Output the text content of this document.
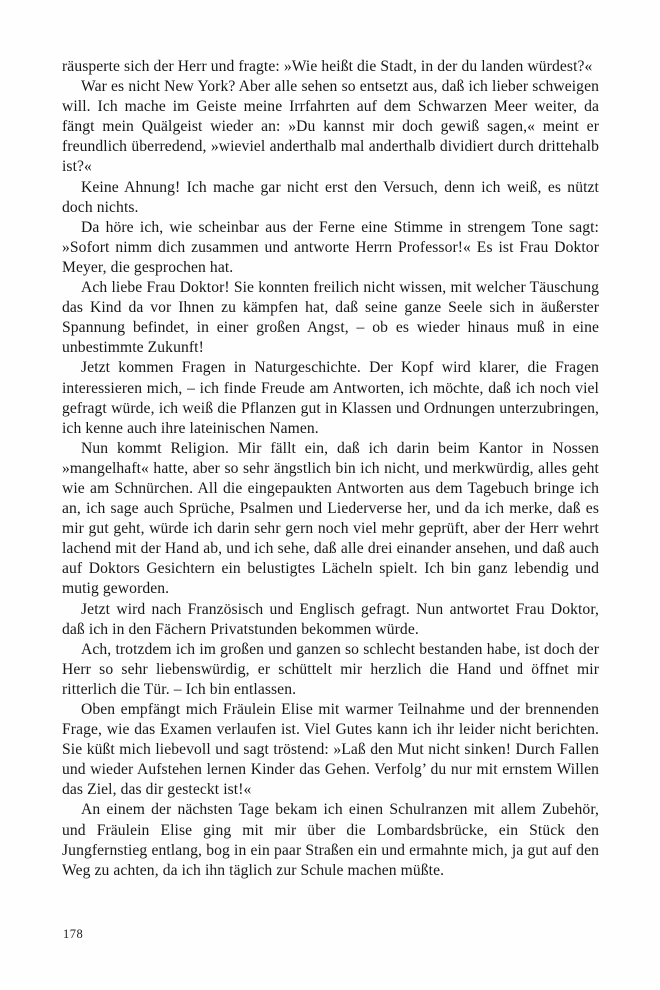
räusperte sich der Herr und fragte: »Wie heißt die Stadt, in der du landen würdest?«

War es nicht New York? Aber alle sehen so entsetzt aus, daß ich lieber schweigen will. Ich mache im Geiste meine Irrfahrten auf dem Schwarzen Meer weiter, da fängt mein Quälgeist wieder an: »Du kannst mir doch gewiß sagen,« meint er freundlich überredend, »wieviel anderthalb mal anderthalb dividiert durch drittehalb ist?«

Keine Ahnung! Ich mache gar nicht erst den Versuch, denn ich weiß, es nützt doch nichts.

Da höre ich, wie scheinbar aus der Ferne eine Stimme in strengem Tone sagt: »Sofort nimm dich zusammen und antworte Herrn Professor!« Es ist Frau Doktor Meyer, die gesprochen hat.

Ach liebe Frau Doktor! Sie konnten freilich nicht wissen, mit welcher Täuschung das Kind da vor Ihnen zu kämpfen hat, daß seine ganze Seele sich in äußerster Spannung befindet, in einer großen Angst, – ob es wieder hinaus muß in eine unbestimmte Zukunft!

Jetzt kommen Fragen in Naturgeschichte. Der Kopf wird klarer, die Fragen interessieren mich, – ich finde Freude am Antworten, ich möchte, daß ich noch viel gefragt würde, ich weiß die Pflanzen gut in Klassen und Ordnungen unterzubringen, ich kenne auch ihre lateinischen Namen.

Nun kommt Religion. Mir fällt ein, daß ich darin beim Kantor in Nossen »mangelhaft« hatte, aber so sehr ängstlich bin ich nicht, und merkwürdig, alles geht wie am Schnürchen. All die eingepaukten Antworten aus dem Tagebuch bringe ich an, ich sage auch Sprüche, Psalmen und Liederverse her, und da ich merke, daß es mir gut geht, würde ich darin sehr gern noch viel mehr geprüft, aber der Herr wehrt lachend mit der Hand ab, und ich sehe, daß alle drei einander ansehen, und daß auch auf Doktors Gesichtern ein belustigtes Lächeln spielt. Ich bin ganz lebendig und mutig geworden.

Jetzt wird nach Französisch und Englisch gefragt. Nun antwortet Frau Doktor, daß ich in den Fächern Privatstunden bekommen würde.

Ach, trotzdem ich im großen und ganzen so schlecht bestanden habe, ist doch der Herr so sehr liebenswürdig, er schüttelt mir herzlich die Hand und öffnet mir ritterlich die Tür. – Ich bin entlassen.

Oben empfängt mich Fräulein Elise mit warmer Teilnahme und der brennenden Frage, wie das Examen verlaufen ist. Viel Gutes kann ich ihr leider nicht berichten. Sie küßt mich liebevoll und sagt tröstend: »Laß den Mut nicht sinken! Durch Fallen und wieder Aufstehen lernen Kinder das Gehen. Verfolg’ du nur mit ernstem Willen das Ziel, das dir gesteckt ist!«

An einem der nächsten Tage bekam ich einen Schulranzen mit allem Zubehör, und Fräulein Elise ging mit mir über die Lombardsbrücke, ein Stück den Jungfernstieg entlang, bog in ein paar Straßen ein und ermahnte mich, ja gut auf den Weg zu achten, da ich ihn täglich zur Schule machen müßte.

178
